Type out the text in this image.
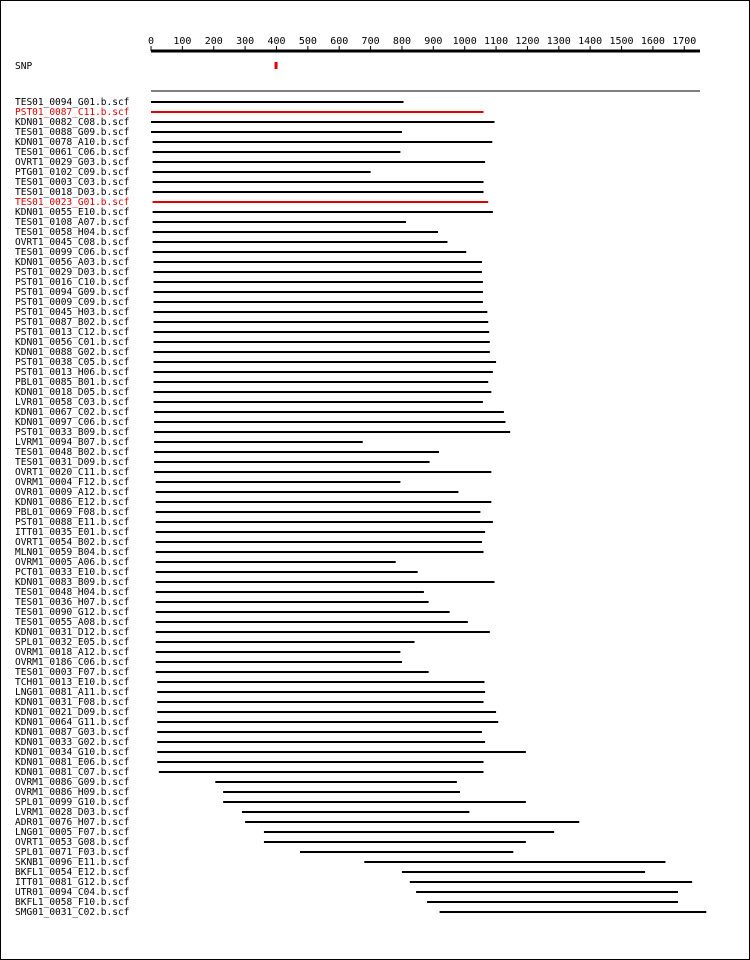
0 100 200 300 400 500 600 700 800 900 1000 1100 1200 1300 1400 1500 1600 1700
SNP
TES01_0094_G01.b.scf
PST01_0087_C11.b.scf
KDN01_0082_C08.b.scf
TES01_0088_G09.b.scf
KDN01_0078_A10.b.scf
TES01_0061_C06.b.scf
OVRT1_0029_G03.b.scf
PTG01_0102_C09.b.scf
TES01_0003_C03.b.scf
TES01_0018_D03.b.scf
TES01_0023_G01.b.scf
KDN01_0055_E10.b.scf
TES01_0108_A07.b.scf
TES01_0058_H04.b.scf
OVRT1_0045_C08.b.scf
TES01_0099_C06.b.scf
KDN01_0056_A03.b.scf
PST01_0029_D03.b.scf
PST01_0016_C10.b.scf
PST01_0094_G09.b.scf
PST01_0009_C09.b.scf
PST01_0045_H03.b.scf
PST01_0087_B02.b.scf
PST01_0013_C12.b.scf
KDN01_0056_C01.b.scf
KDN01_0088_G02.b.scf
PST01_0038_C05.b.scf
PST01_0013_H06.b.scf
PBL01_0085_B01.b.scf
KDN01_0018_D05.b.scf
LVR01_0058_C03.b.scf
KDN01_0067_C02.b.scf
KDN01_0097_C06.b.scf
PST01_0033_B09.b.scf
LVRM1_0094_B07.b.scf
TES01_0048_B02.b.scf
TES01_0031_D09.b.scf
OVRT1_0020_C11.b.scf
OVRM1_0004_F12.b.scf
OVR01_0009_A12.b.scf
KDN01_0086_E12.b.scf
PBL01_0069_F08.b.scf
PST01_0088_E11.b.scf
ITT01_0035_E01.b.scf
OVRT1_0054_B02.b.scf
MLN01_0059_B04.b.scf
OVRM1_0005_A06.b.scf
PCT01_0033_E10.b.scf
KDN01_0083_B09.b.scf
TES01_0048_H04.b.scf
TES01_0036_H07.b.scf
TES01_0090_G12.b.scf
TES01_0055_A08.b.scf
KDN01_0031_D12.b.scf
SPL01_0032_E05.b.scf
OVRM1_0018_A12.b.scf
OVRM1_0186_C06.b.scf
TES01_0003_F07.b.scf
TCH01_0013_E10.b.scf
LNG01_0081_A11.b.scf
KDN01_0031_F08.b.scf
KDN01_0021_D09.b.scf
KDN01_0064_G11.b.scf
KDN01_0087_G03.b.scf
KDN01_0033_G02.b.scf
KDN01_0034_G10.b.scf
KDN01_0081_E06.b.scf
KDN01_0081_C07.b.scf
OVRM1_0086_G09.b.scf
OVRM1_0086_H09.b.scf
SPL01_0099_G10.b.scf
LVRM1_0028_D03.b.scf
ADR01_0076_H07.b.scf
LNG01_0005_F07.b.scf
OVRT1_0053_G08.b.scf
SPL01_0071_F03.b.scf
SKNB1_0096_E11.b.scf
BKFL1_0054_E12.b.scf
ITT01_0081_G12.b.scf
UTR01_0094_C04.b.scf
BKFL1_0058_F10.b.scf
SMG01_0031_C02.b.scf
